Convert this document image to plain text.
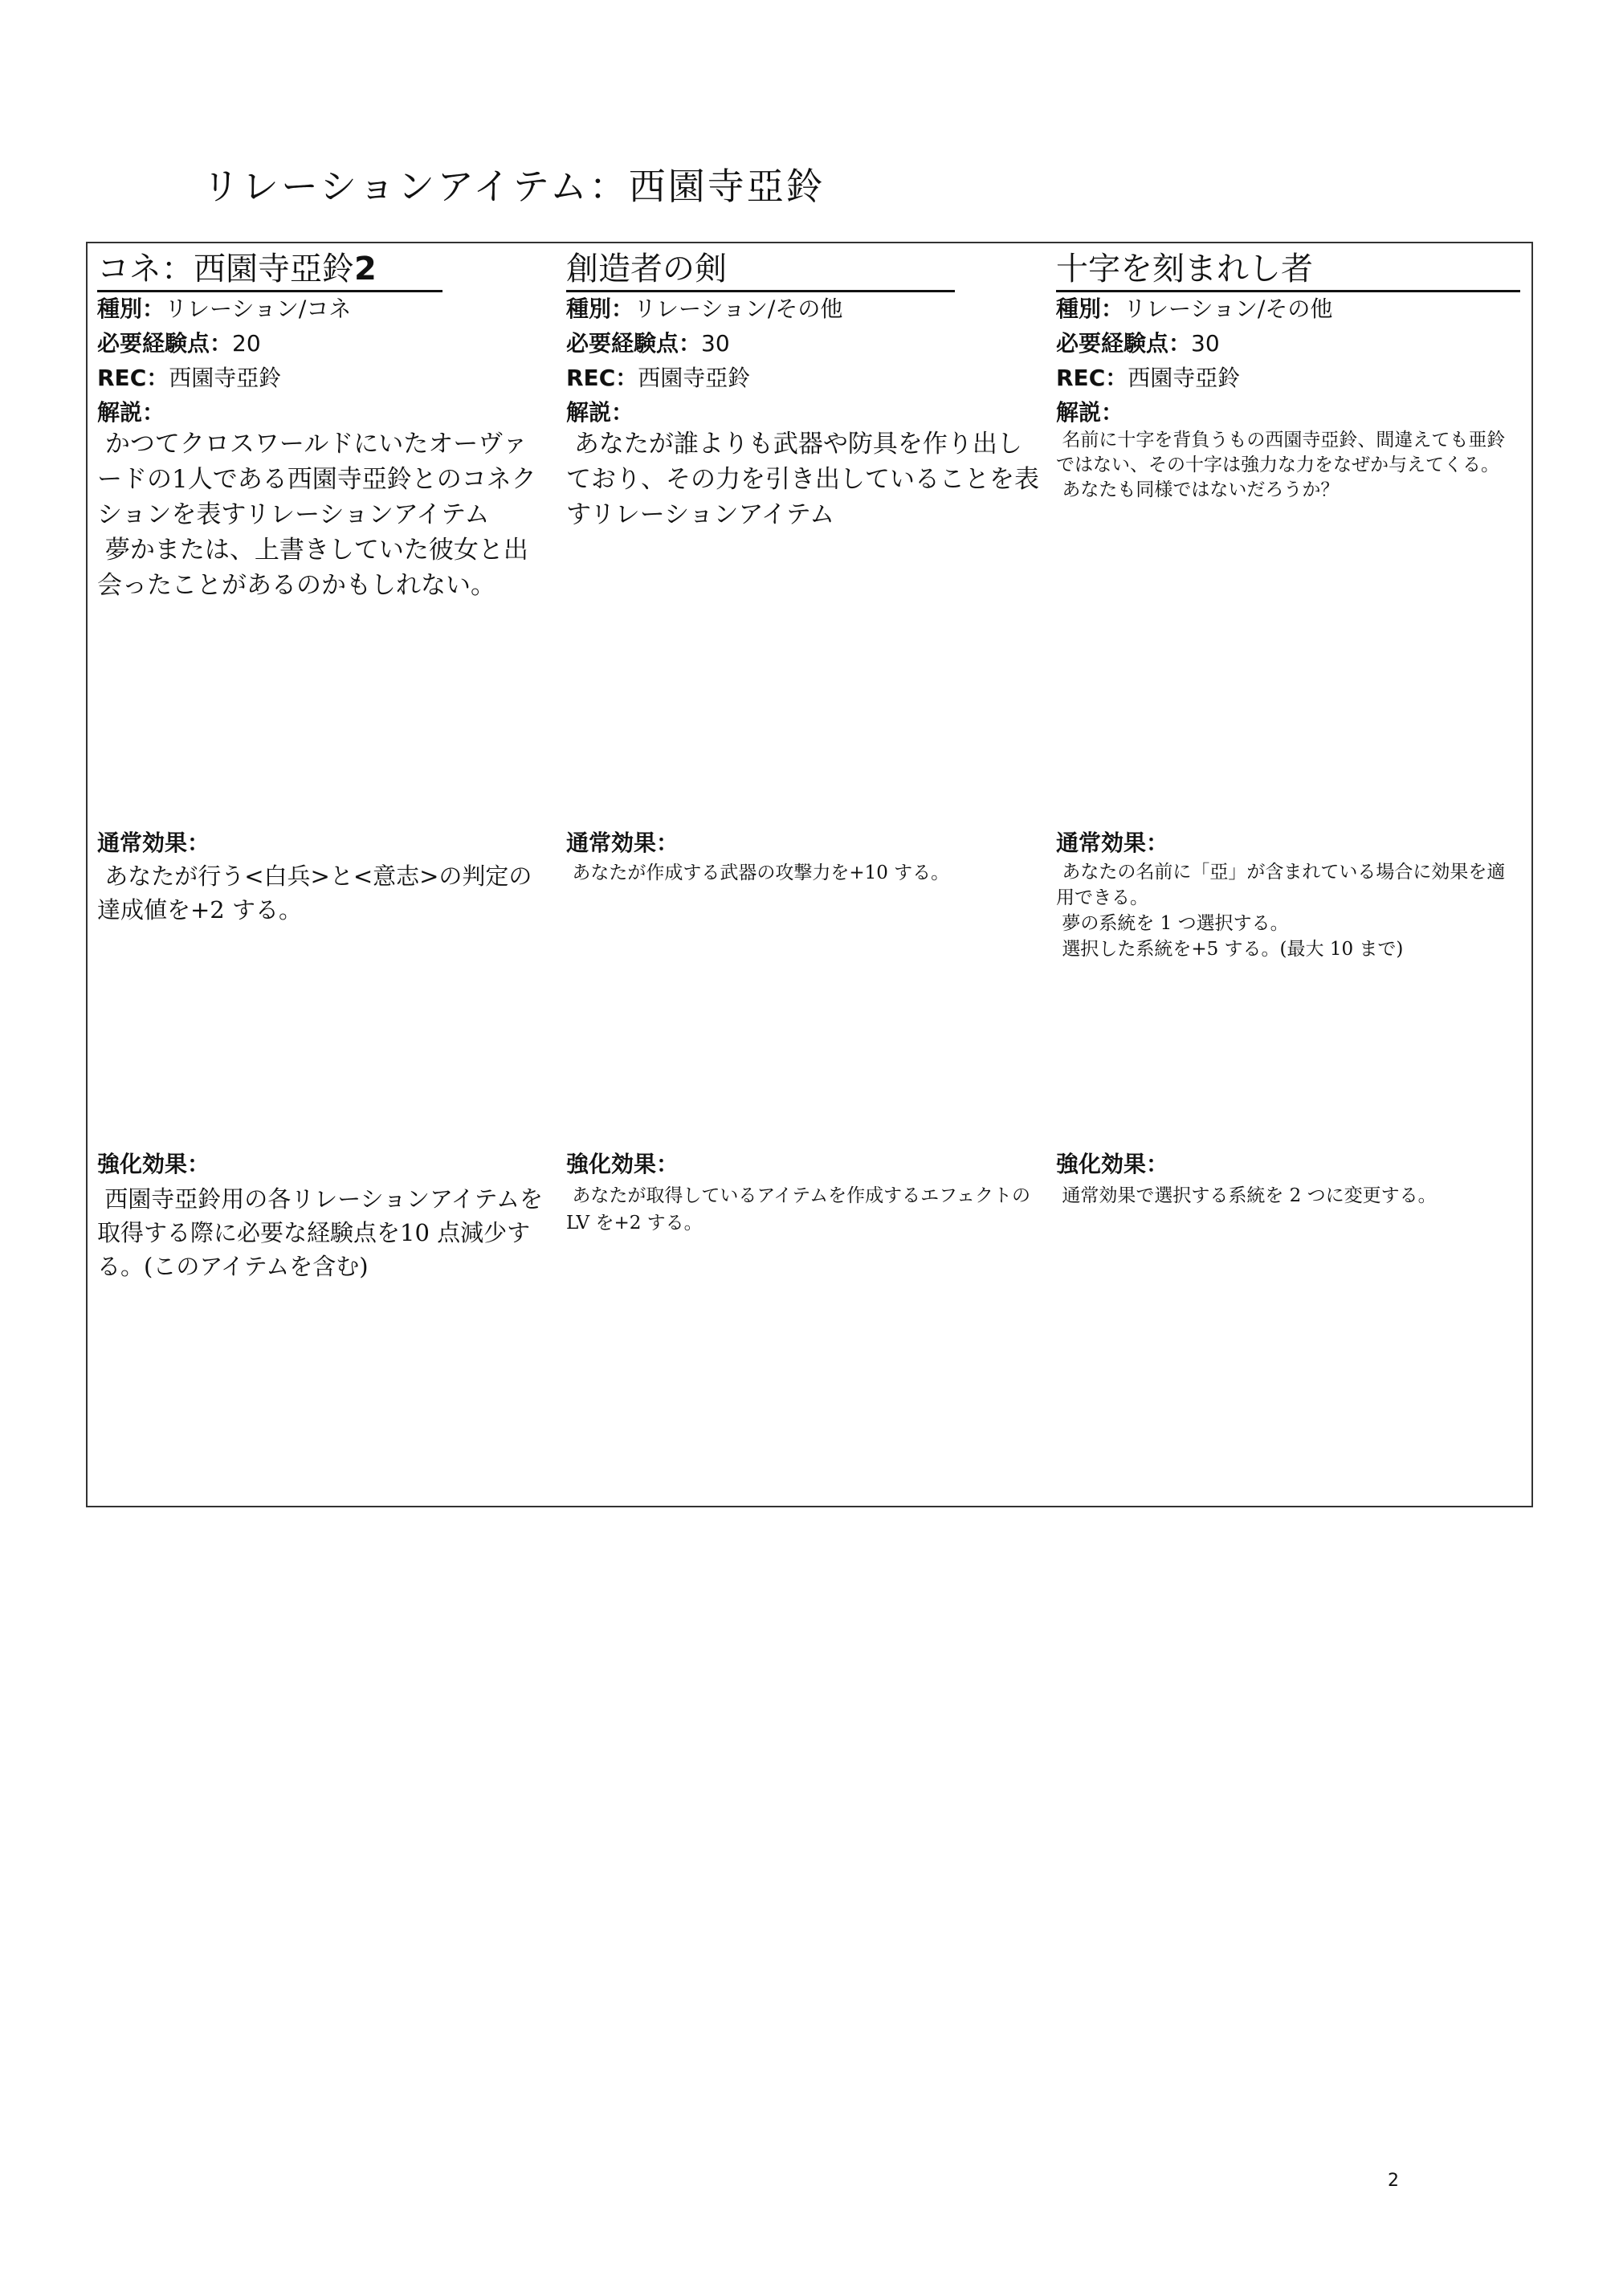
リレーションアイテム：西園寺亞鈴
コネ：西園寺亞鈴2
種別：リレーション/コネ
必要経験点：20
REC：西園寺亞鈴
解説：
かつてクロスワールドにいたオーヴァードの1人である西園寺亞鈴とのコネクションを表すリレーションアイテム
夢かまたは、上書きしていた彼女と出会ったことがあるのかもしれない。
通常効果：
あなたが行う<白兵>と<意志>の判定の達成値を+2 する。
強化効果：
西園寺亞鈴用の各リレーションアイテムを取得する際に必要な経験点を10 点減少する。(このアイテムを含む)
創造者の剣
種別：リレーション/その他
必要経験点：30
REC：西園寺亞鈴
解説：
あなたが誰よりも武器や防具を作り出しており、その力を引き出していることを表すリレーションアイテム
通常効果：
あなたが作成する武器の攻撃力を+10 する。
強化効果：
あなたが取得しているアイテムを作成するエフェクトの LV を+2 する。
十字を刻まれし者
種別：リレーション/その他
必要経験点：30
REC：西園寺亞鈴
解説：
名前に十字を背負うもの西園寺亞鈴、間違えても亜鈴ではない、その十字は強力な力をなぜか与えてくる。
あなたも同様ではないだろうか？
通常効果：
あなたの名前に「亞」が含まれている場合に効果を適用できる。
夢の系統を 1 つ選択する。
選択した系統を+5 する。(最大 10 まで)
強化効果：
通常効果で選択する系統を 2 つに変更する。
2
